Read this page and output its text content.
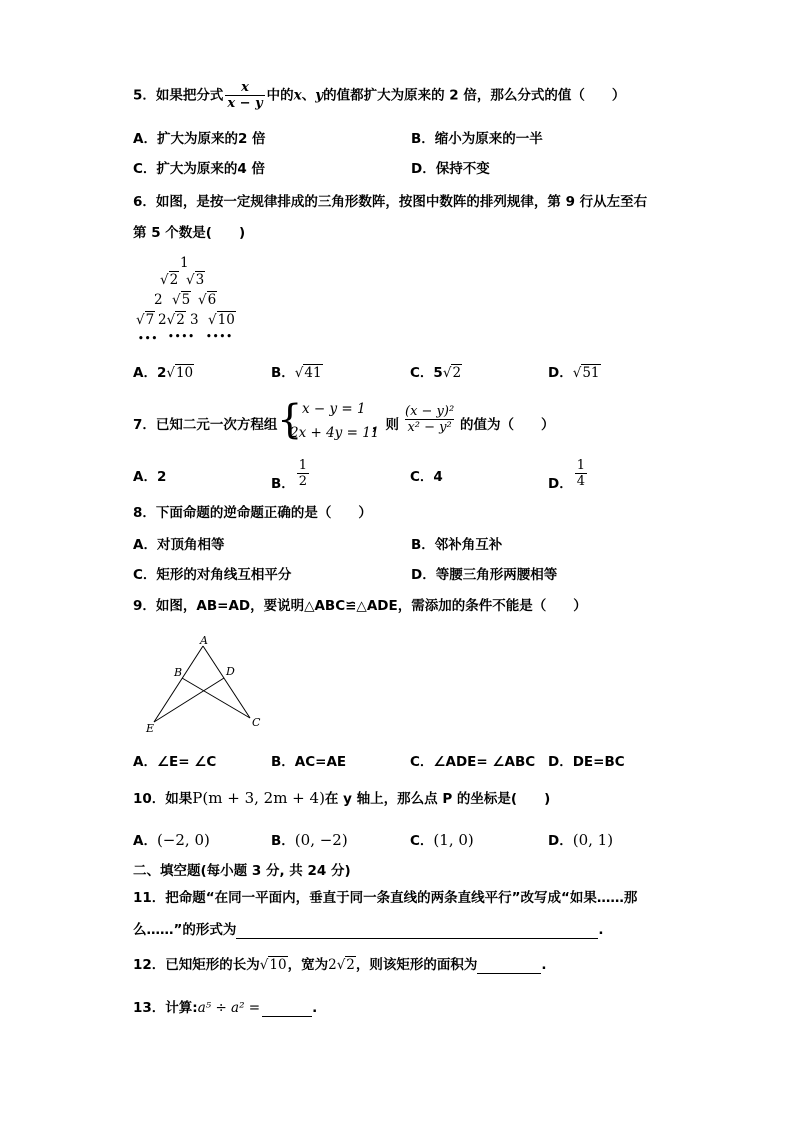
5．如果把分式 $\frac{x}{x - y}$ 中的x、y的值都扩大为原来的 2 倍，那么分式的值（　　）
A．扩大为原来的2 倍	B．缩小为原来的一半
C．扩大为原来的4 倍	D．保持不变
6．如图，是按一定规律排成的三角形数阵，按图中数阵的排列规律，第 9 行从左至右
第 5 个数是(　　)
1
√2 √3
2 √5 √6
√7 2√2 3 √10
••• •••• ••••
A．2√10	B．√41	C．5√2	D．√51
7．已知二元一次方程组 { x − y = 1
2x + 4y = 11
，则 $\frac{\text{(x − y)²}}{\text{x² − y²}}$ 的值为（　　）
A．2	B． $\frac{1}{2}$	C．4	D． $\frac{1}{4}$
8．下面命题的逆命题正确的是（　　）
A．对顶角相等	B．邻补角互补
C．矩形的对角线互相平分	D．等腰三角形两腰相等
9．如图，AB=AD，要说明△ABC≌△ADE，需添加的条件不能是（　　）
A
B	D
C
E
A．∠E= ∠C	B．AC=AE	C．∠ADE= ∠ABC D．DE=BC
10．如果P(m + 3, 2m + 4)在 y 轴上，那么点 P 的坐标是(　　)
A．(−2, 0)	B．(0, −2)	C．(1, 0)	D．(0, 1)
二、填空题(每小题 3 分, 共 24 分)
11．把命题“在同一平面内，垂直于同一条直线的两条直线平行”改写成“如果……那
么……”的形式为	.
12．已知矩形的长为√10，宽为2√2，则该矩形的面积为	.
13．计算:a⁵ ÷ a² =	.
